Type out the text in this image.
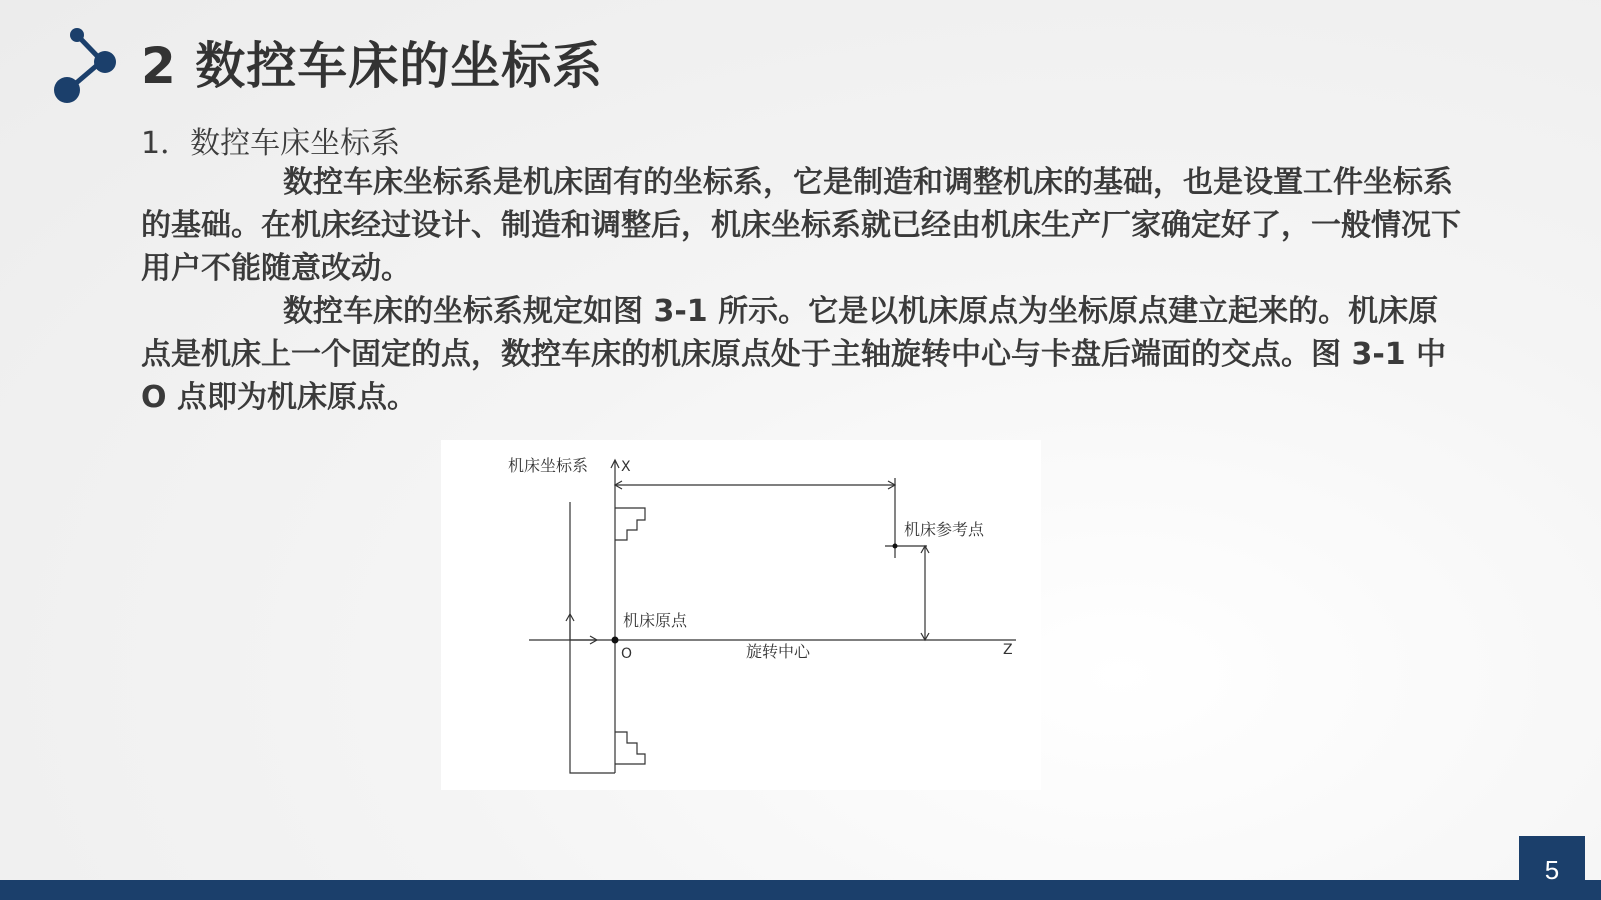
2 数控车床的坐标系
1．数控车床坐标系

数控车床坐标系是机床固有的坐标系，它是制造和调整机床的基础，也是设置工件坐标系的基础。在机床经过设计、制造和调整后，机床坐标系就已经由机床生产厂家确定好了，一般情况下用户不能随意改动。

数控车床的坐标系规定如图 3-1 所示。它是以机床原点为坐标原点建立起来的。机床原点是机床上一个固定的点，数控车床的机床原点处于主轴旋转中心与卡盘后端面的交点。图 3-1 中 O 点即为机床原点。

机床坐标系 X
机床参考点
机床原点
O	旋转中心	Z
5
